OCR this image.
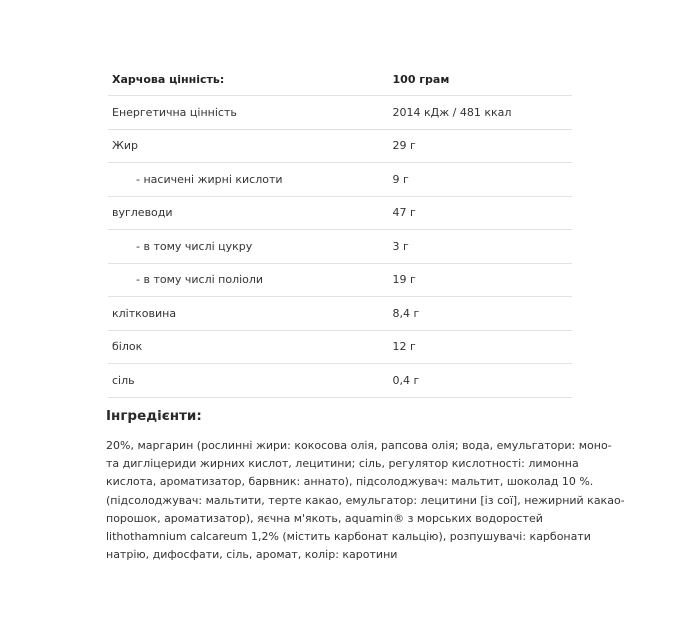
Харчова цінність:	100 грам
Енергетична цінність	2014 кДж / 481 ккал
Жир	29 г
- насичені жирні кислоти	9 г
вуглеводи	47 г
- в тому числі цукру	3 г
- в тому числі поліоли	19 г
клітковина	8,4 г
білок	12 г
сіль	0,4 г
Інгредієнти:

20%, маргарин (рослинні жири: кокосова олія, рапсова олія; вода, емульгатори: моно-
та дигліцериди жирних кислот, лецитини; сіль, регулятор кислотності: лимонна
кислота, ароматизатор, барвник: аннато), підсолоджувач: мальтит, шоколад 10 %.
(підсолоджувач: мальтити, терте какао, емульгатор: лецитини [із сої], нежирний какао-
порошок, ароматизатор), яєчна м'якоть, aquamin® з морських водоростей
lithothamnium calcareum 1,2% (містить карбонат кальцію), розпушувачі: карбонати
натрію, дифосфати, сіль, аромат, колір: каротини
